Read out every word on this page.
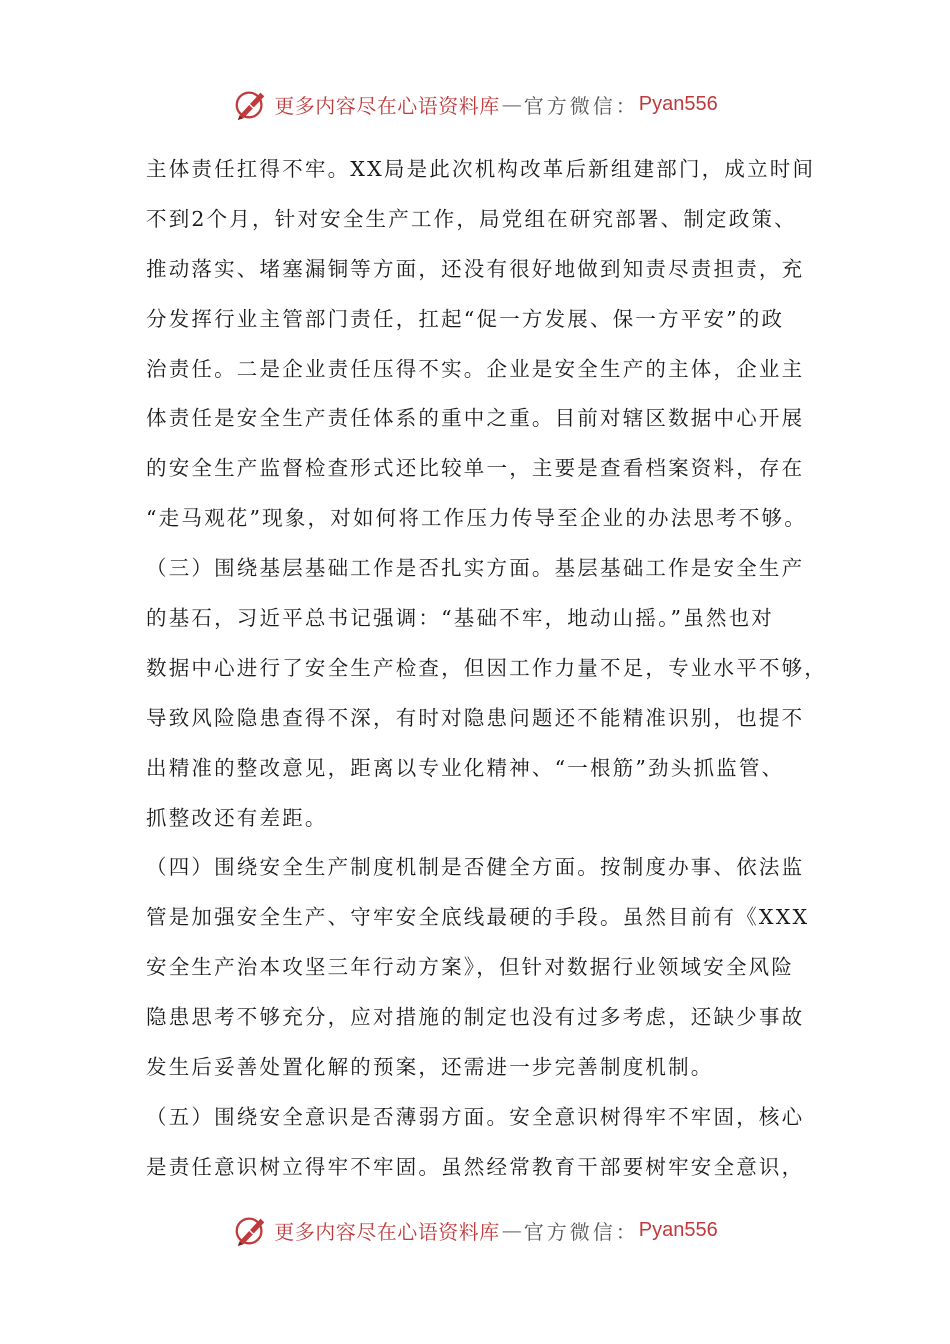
更多内容尽在心语资料库 — 官方微信： Pyan556
主体责任扛得不牢。XX局是此次机构改革后新组建部门，成立时间
不到2个月，针对安全生产工作，局党组在研究部署、制定政策、
推动落实、堵塞漏铜等方面，还没有很好地做到知责尽责担责，充
分发挥行业主管部门责任，扛起“促一方发展、保一方平安”的政
治责任。二是企业责任压得不实。企业是安全生产的主体，企业主
体责任是安全生产责任体系的重中之重。目前对辖区数据中心开展
的安全生产监督检查形式还比较单一，主要是查看档案资料，存在
“走马观花”现象，对如何将工作压力传导至企业的办法思考不够。
（三）围绕基层基础工作是否扎实方面。基层基础工作是安全生产
的基石，习近平总书记强调：“基础不牢，地动山摇。”虽然也对
数据中心进行了安全生产检查，但因工作力量不足，专业水平不够，
导致风险隐患查得不深，有时对隐患问题还不能精准识别，也提不
出精准的整改意见，距离以专业化精神、“一根筋”劲头抓监管、
抓整改还有差距。
（四）围绕安全生产制度机制是否健全方面。按制度办事、依法监
管是加强安全生产、守牢安全底线最硬的手段。虽然目前有《XXX
安全生产治本攻坚三年行动方案》，但针对数据行业领域安全风险
隐患思考不够充分，应对措施的制定也没有过多考虑，还缺少事故
发生后妥善处置化解的预案，还需进一步完善制度机制。
（五）围绕安全意识是否薄弱方面。安全意识树得牢不牢固，核心
是责任意识树立得牢不牢固。虽然经常教育干部要树牢安全意识，
更多内容尽在心语资料库 — 官方微信： Pyan556
